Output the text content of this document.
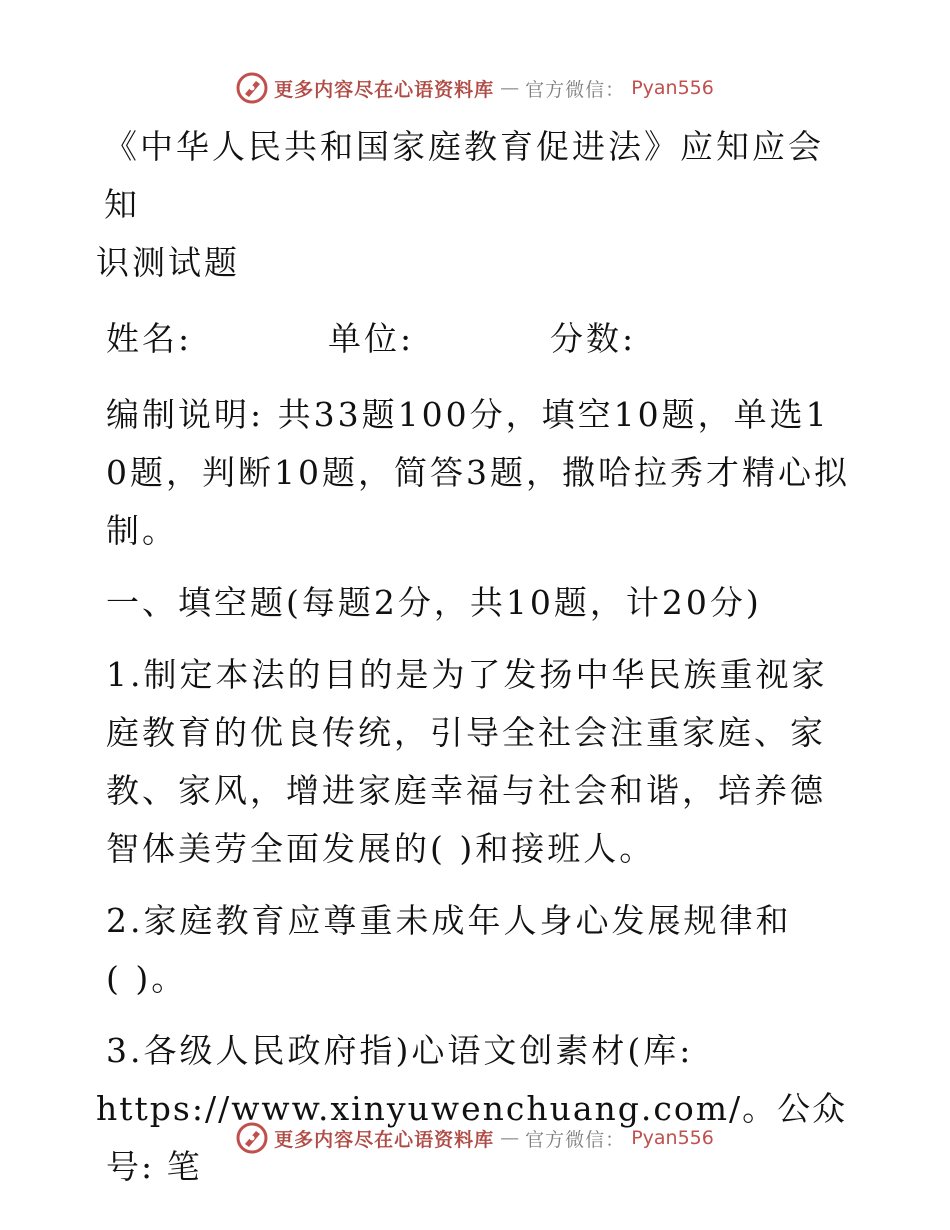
更多内容尽在心语资料库 — 官方微信： Pyan556

《中华人民共和国家庭教育促进法》应知应会知
识测试题

姓名:	单位:	分数:

编制说明: 共33题100分，填空10题，单选10题，判断10题，简答3题，撒哈拉秀才精心拟制。

一、填空题(每题2分，共10题，计20分)

1.制定本法的目的是为了发扬中华民族重视家庭教育的优良传统，引导全社会注重家庭、家教、家风，增进家庭幸福与社会和谐，培养德智体美劳全面发展的( )和接班人。

2.家庭教育应尊重未成年人身心发展规律和
( )。

3.各级人民政府指)心语文创素材(库:
https://www.xinyuwenchuang.com/。公众号: 笔

更多内容尽在心语资料库 — 官方微信： Pyan556
